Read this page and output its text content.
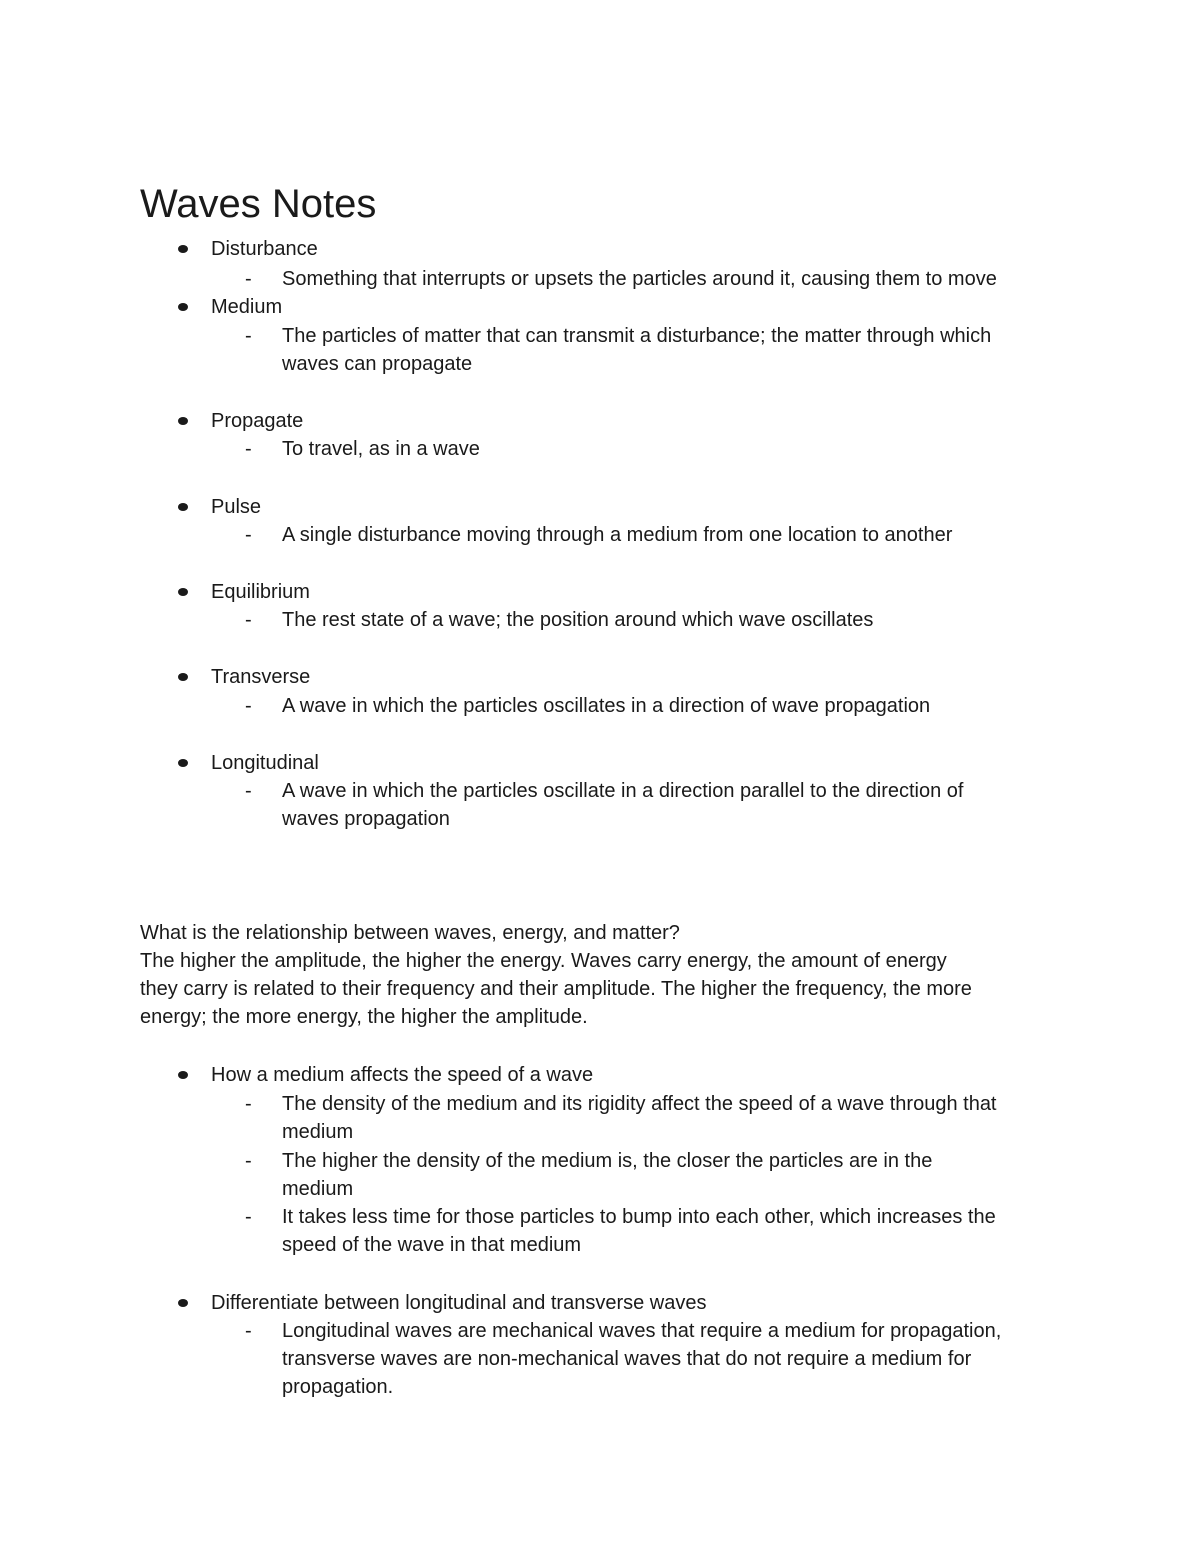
Waves Notes
Disturbance
- Something that interrupts or upsets the particles around it, causing them to move
Medium
- The particles of matter that can transmit a disturbance; the matter through which
waves can propagate
Propagate
- To travel, as in a wave
Pulse
- A single disturbance moving through a medium from one location to another
Equilibrium
- The rest state of a wave; the position around which wave oscillates
Transverse
- A wave in which the particles oscillates in a direction of wave propagation
Longitudinal
- A wave in which the particles oscillate in a direction parallel to the direction of
waves propagation
What is the relationship between waves, energy, and matter?
The higher the amplitude, the higher the energy. Waves carry energy, the amount of energy
they carry is related to their frequency and their amplitude. The higher the frequency, the more
energy; the more energy, the higher the amplitude.
How a medium affects the speed of a wave
- The density of the medium and its rigidity affect the speed of a wave through that
medium
- The higher the density of the medium is, the closer the particles are in the
medium
- It takes less time for those particles to bump into each other, which increases the
speed of the wave in that medium
Differentiate between longitudinal and transverse waves
- Longitudinal waves are mechanical waves that require a medium for propagation,
transverse waves are non-mechanical waves that do not require a medium for
propagation.
